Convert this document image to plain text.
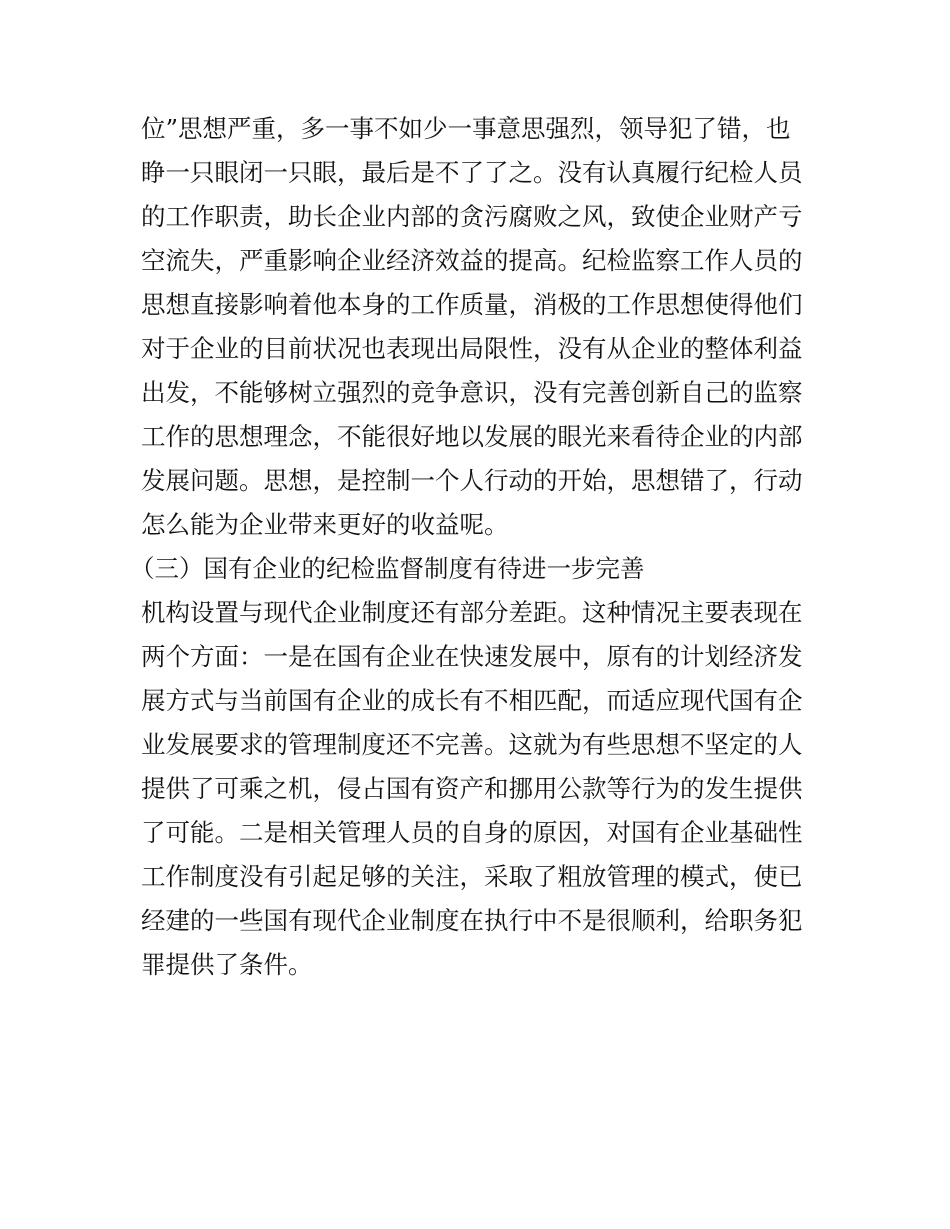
位”思想严重，多一事不如少一事意思强烈，领导犯了错，也
睁一只眼闭一只眼，最后是不了了之。没有认真履行纪检人员
的工作职责，助长企业内部的贪污腐败之风，致使企业财产亏
空流失，严重影响企业经济效益的提高。纪检监察工作人员的
思想直接影响着他本身的工作质量，消极的工作思想使得他们
对于企业的目前状况也表现出局限性，没有从企业的整体利益
出发，不能够树立强烈的竞争意识，没有完善创新自己的监察
工作的思想理念，不能很好地以发展的眼光来看待企业的内部
发展问题。思想，是控制一个人行动的开始，思想错了，行动
怎么能为企业带来更好的收益呢。
（三）国有企业的纪检监督制度有待进一步完善
机构设置与现代企业制度还有部分差距。这种情况主要表现在
两个方面：一是在国有企业在快速发展中，原有的计划经济发
展方式与当前国有企业的成长有不相匹配，而适应现代国有企
业发展要求的管理制度还不完善。这就为有些思想不坚定的人
提供了可乘之机，侵占国有资产和挪用公款等行为的发生提供
了可能。二是相关管理人员的自身的原因，对国有企业基础性
工作制度没有引起足够的关注，采取了粗放管理的模式，使已
经建的一些国有现代企业制度在执行中不是很顺利，给职务犯
罪提供了条件。
